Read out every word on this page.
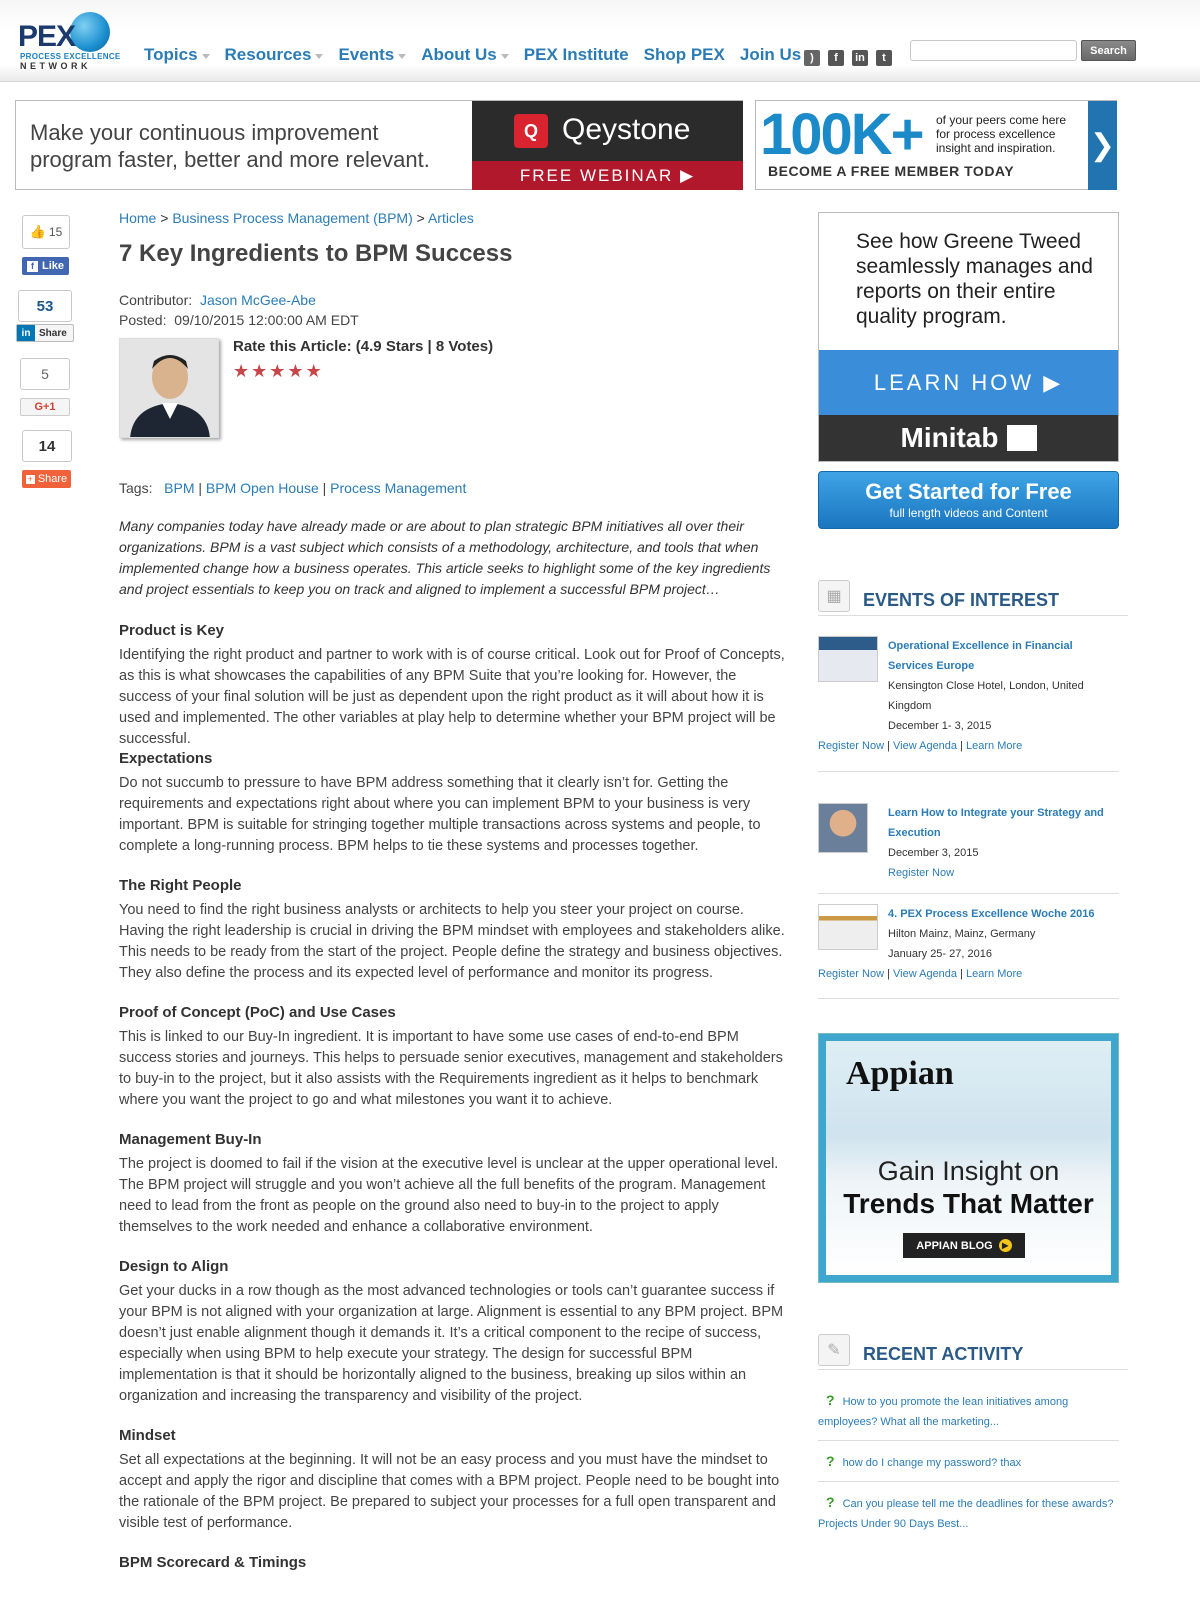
PEX
PROCESS EXCELLENCE
NETWORK
Topics Resources Events About Us PEX Institute Shop PEX Join Us )	f	in	t
Search
Make your continuous improvement
program faster, better and more relevant.
Q Qeystone
FREE WEBINAR ▶
100K+ of your peers come here for process excellence insight and inspiration.
BECOME A FREE MEMBER TODAY
❯
👍 15
f Like
53
in Share
5
G+1
14
+ Share
Home > Business Process Management (BPM) > Articles
7 Key Ingredients to BPM Success
Contributor: Jason McGee-Abe
Posted: 09/10/2015 12:00:00 AM EDT
Rate this Article: (4.9 Stars | 8 Votes)
★ ★ ★ ★ ★
Tags: BPM | BPM Open House | Process Management

Many companies today have already made or are about to plan strategic BPM initiatives all over their organizations. BPM is a vast subject which consists of a methodology, architecture, and tools that when implemented change how a business operates. This article seeks to highlight some of the key ingredients and project essentials to keep you on track and aligned to implement a successful BPM project…

Product is Key

Identifying the right product and partner to work with is of course critical. Look out for Proof of Concepts, as this is what showcases the capabilities of any BPM Suite that you’re looking for. However, the success of your final solution will be just as dependent upon the right product as it will about how it is used and implemented. The other variables at play help to determine whether your BPM project will be successful.

Expectations

Do not succumb to pressure to have BPM address something that it clearly isn’t for. Getting the requirements and expectations right about where you can implement BPM to your business is very important. BPM is suitable for stringing together multiple transactions across systems and people, to complete a long-running process. BPM helps to tie these systems and processes together.

The Right People

You need to find the right business analysts or architects to help you steer your project on course. Having the right leadership is crucial in driving the BPM mindset with employees and stakeholders alike. This needs to be ready from the start of the project. People define the strategy and business objectives. They also define the process and its expected level of performance and monitor its progress.

Proof of Concept (PoC) and Use Cases

This is linked to our Buy-In ingredient. It is important to have some use cases of end-to-end BPM success stories and journeys. This helps to persuade senior executives, management and stakeholders to buy-in to the project, but it also assists with the Requirements ingredient as it helps to benchmark where you want the project to go and what milestones you want it to achieve.

Management Buy-In

The project is doomed to fail if the vision at the executive level is unclear at the upper operational level. The BPM project will struggle and you won’t achieve all the full benefits of the program. Management need to lead from the front as people on the ground also need to buy-in to the project to apply themselves to the work needed and enhance a collaborative environment.

Design to Align

Get your ducks in a row though as the most advanced technologies or tools can’t guarantee success if your BPM is not aligned with your organization at large. Alignment is essential to any BPM project. BPM doesn’t just enable alignment though it demands it. It’s a critical component to the recipe of success, especially when using BPM to help execute your strategy. The design for successful BPM implementation is that it should be horizontally aligned to the business, breaking up silos within an organization and increasing the transparency and visibility of the project.

Mindset

Set all expectations at the beginning. It will not be an easy process and you must have the mindset to accept and apply the rigor and discipline that comes with a BPM project. People need to be bought into the rationale of the BPM project. Be prepared to subject your processes for a full open transparent and visible test of performance.

BPM Scorecard & Timings
See how Greene Tweed seamlessly manages and reports on their entire quality program.
LEARN HOW ▶
Minitab
Get Started for Free
full length videos and Content
▦	EVENTS OF INTEREST
Operational Excellence in Financial Services Europe
Kensington Close Hotel, London, United Kingdom
December 1- 3, 2015
Register Now | View Agenda | Learn More
Learn How to Integrate your Strategy and Execution
December 3, 2015
Register Now
4. PEX Process Excellence Woche 2016
Hilton Mainz, Mainz, Germany
January 25- 27, 2016
Register Now | View Agenda | Learn More
Appian
Gain Insight on
Trends That Matter
APPIAN BLOG	▶
✎	RECENT ACTIVITY
? How to you promote the lean initiatives among employees? What all the marketing...
? how do I change my password? thax
? Can you please tell me the deadlines for these awards? Projects Under 90 Days Best...
